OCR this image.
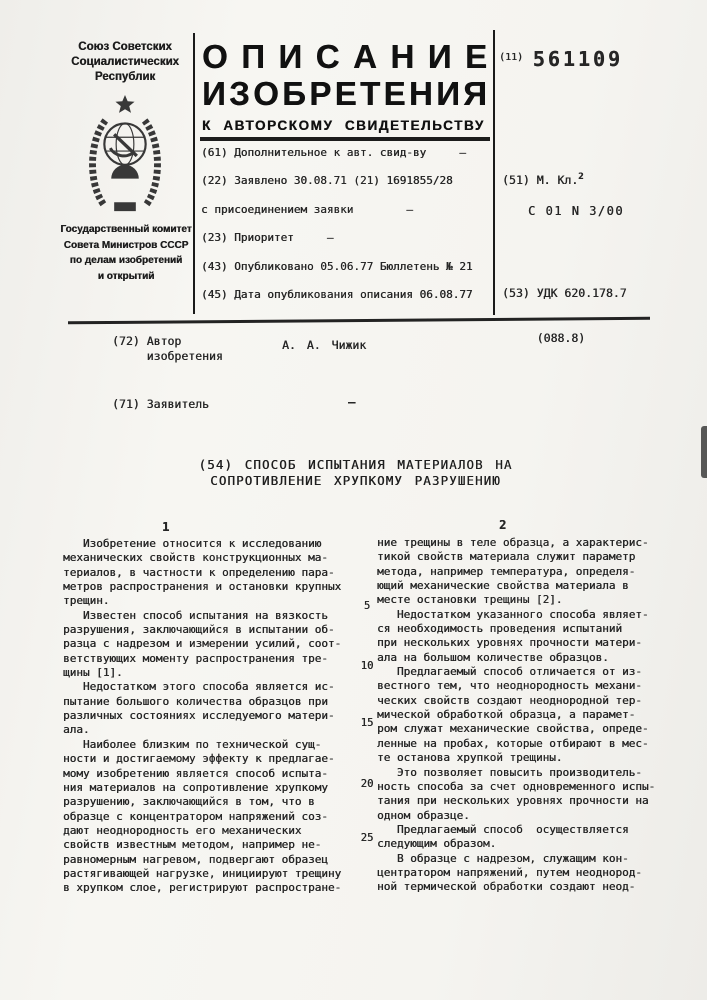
Союз Советских
Социалистических
Республик
Государственный комитет
Совета Министров СССР
по делам изобретений
и открытий
О П И С А Н И Е
И З О Б Р Е Т Е Н И Я
К АВТОРСКОМУ СВИДЕТЕЛЬСТВУ
(61) Дополнительное к авт. свид-ву     —
(22) Заявлено 30.08.71 (21) 1691855/28
с присоединением заявки        —
(23) Приоритет     —
(43) Опубликовано 05.06.77 Бюллетень № 21
(45) Дата опубликования описания 06.08.77
$^{(11)}$ 561109
(51) М. Кл.$^2$
С 01 N 3/00

(53) УДК 620.178.7

(088.8)

(72) Автор
изобретения
А. А. Чижик
(71) Заявитель	—
(54) СПОСОБ ИСПЫТАНИЯ МАТЕРИАЛОВ НА
СОПРОТИВЛЕНИЕ ХРУПКОМУ РАЗРУШЕНИЮ
1	2
Изобретение относится к исследованию
механических свойств конструкционных ма-
териалов, в частности к определению пара-
метров распространения и остановки крупных
трещин.
Известен способ испытания на вязкость
разрушения, заключающийся в испытании об-
разца с надрезом и измерении усилий, соот-
ветствующих моменту распространения тре-
щины [1].
Недостатком этого способа является ис-
пытание большого количества образцов при
различных состояниях исследуемого матери-
ала.
Наиболее близким по технической сущ-
ности и достигаемому эффекту к предлагае-
мому изобретению является способ испыта-
ния материалов на сопротивление хрупкому
разрушению, заключающийся в том, что в
образце с концентратором напряжений соз-
дают неоднородность его механических
свойств известным методом, например не-
равномерным нагревом, подвергают образец
растягивающей нагрузке, инициируют трещину
в хрупком слое, регистрируют распростране-
ние трещины в теле образца, а характерис-
тикой свойств материала служит параметр
метода, например температура, определя-
ющий механические свойства материала в
месте остановки трещины [2].
Недостатком указанного способа являет-
ся необходимость проведения испытаний
при нескольких уровнях прочности матери-
ала на большом количестве образцов.
Предлагаемый способ отличается от из-
вестного тем, что неоднородность механи-
ческих свойств создают неоднородной тер-
мической обработкой образца, а парамет-
ром служат механические свойства, опреде-
ленные на пробах, которые отбирают в мес-
те останова хрупкой трещины.
Это позволяет повысить производитель-
ность способа за счет одновременного испы-
тания при нескольких уровнях прочности на
одном образце.
Предлагаемый способ  осуществляется
следующим образом.
В образце с надрезом, служащим кон-
центратором напряжений, путем неоднород-
ной термической обработки создают неод-
5
10
15
20
25
